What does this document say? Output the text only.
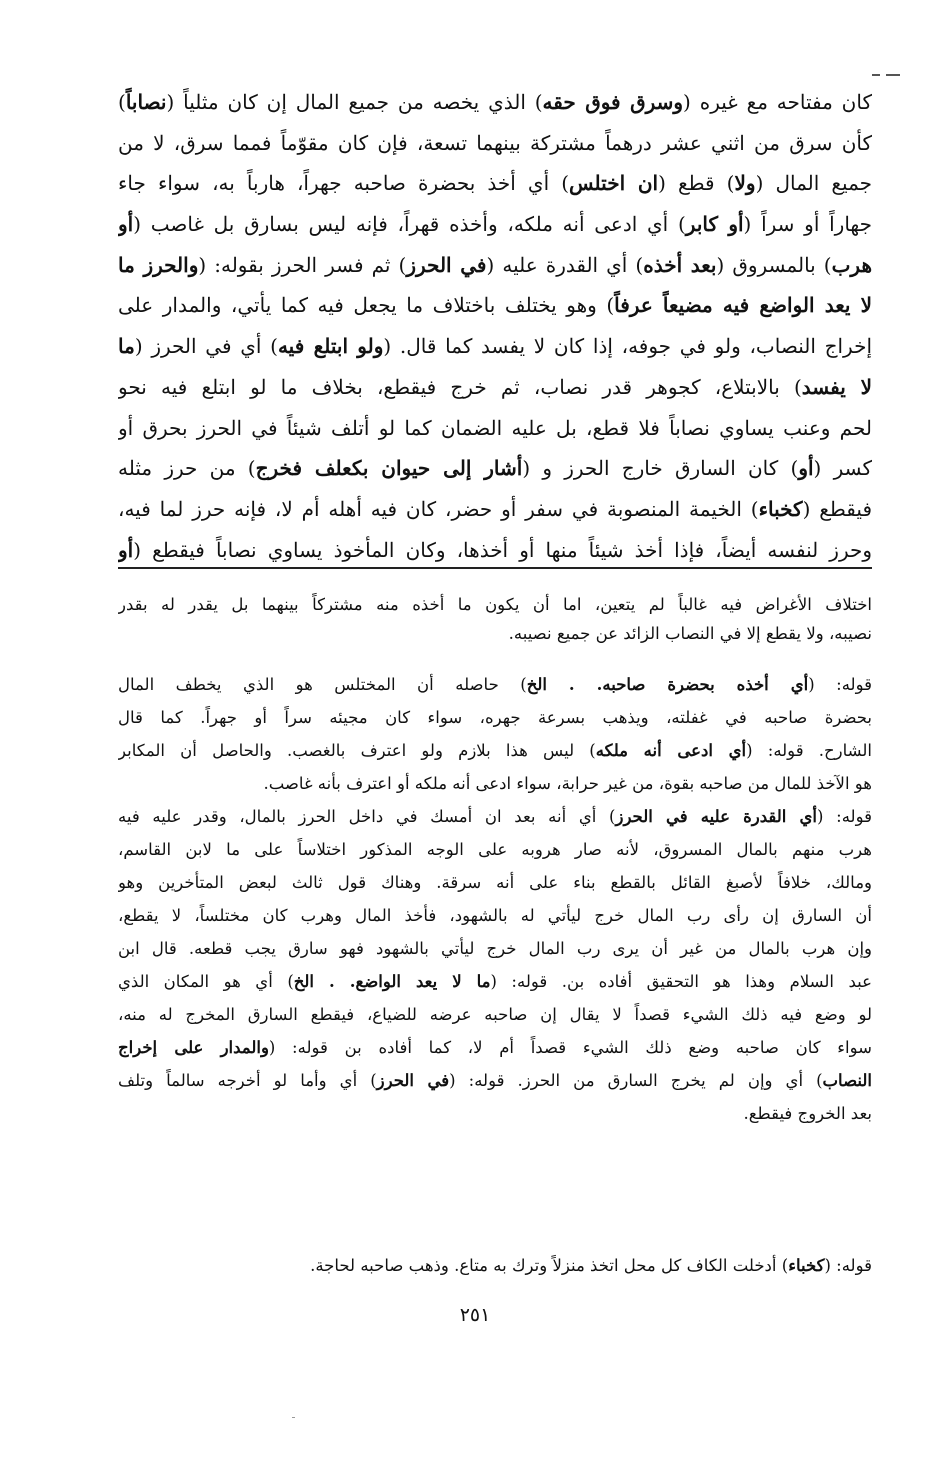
كان مفتاحه مع غيره (وسرق فوق حقه) الذي يخصه من جميع المال إن كان مثلياً (نصاباً)
كأن سرق من اثني عشر درهماً مشتركة بينهما تسعة، فإن كان مقوّماً فمما سرق، لا من
جميع المال (ولا) قطع (ان اختلس) أي أخذ بحضرة صاحبه جهراً، هارباً به، سواء جاء
جهاراً أو سراً (أو كابر) أي ادعى أنه ملكه، وأخذه قهراً، فإنه ليس بسارق بل غاصب (أو
هرب) بالمسروق (بعد أخذه) أي القدرة عليه (في الحرز) ثم فسر الحرز بقوله: (والحرز ما
لا يعد الواضع فيه مضيعاً عرفاً) وهو يختلف باختلاف ما يجعل فيه كما يأتي، والمدار على
إخراج النصاب، ولو في جوفه، إذا كان لا يفسد كما قال. (ولو ابتلع فيه) أي في الحرز (ما
لا يفسد) بالابتلاع، كجوهر قدر نصاب، ثم خرج فيقطع، بخلاف ما لو ابتلع فيه نحو
لحم وعنب يساوي نصاباً فلا قطع، بل عليه الضمان كما لو أتلف شيئاً في الحرز بحرق أو
كسر (أو) كان السارق خارج الحرز و (أشار إلى حيوان بكعلف فخرج) من حرز مثله
فيقطع (كخباء) الخيمة المنصوبة في سفر أو حضر، كان فيه أهله أم لا، فإنه حرز لما فيه،
وحرز لنفسه أيضاً، فإذا أخذ شيئاً منها أو أخذها، وكان المأخوذ يساوي نصاباً فيقطع (أو
اختلاف الأغراض فيه غالباً لم يتعين، اما أن يكون ما أخذه منه مشتركاً بينهما بل يقدر له بقدر
نصيبه، ولا يقطع إلا في النصاب الزائد عن جميع نصيبه.
قوله: (أي أخذه بحضرة صاحبه. . الخ) حاصله أن المختلس هو الذي يخطف المال
بحضرة صاحبه في غفلته، ويذهب بسرعة جهره، سواء كان مجيئه سراً أو جهراً. كما قال
الشارح. قوله: (أي ادعى أنه ملكه) ليس هذا بلازم ولو اعترف بالغصب. والحاصل أن المكابر
هو الآخذ للمال من صاحبه بقوة، من غير حرابة، سواء ادعى أنه ملكه أو اعترف بأنه غاصب.
قوله: (أي القدرة عليه في الحرز) أي أنه بعد ان أمسك في داخل الحرز بالمال، وقدر عليه فيه
هرب منهم بالمال المسروق، لأنه صار هروبه على الوجه المذكور اختلاساً على ما لابن القاسم،
ومالك، خلافاً لأصبغ القائل بالقطع بناء على أنه سرقة. وهناك قول ثالث لبعض المتأخرين وهو
أن السارق إن رأى رب المال خرج ليأتي له بالشهود، فأخذ المال وهرب كان مختلساً، لا يقطع،
وإن هرب بالمال من غير أن يرى رب المال خرج ليأتي بالشهود فهو سارق يجب قطعه. قال ابن
عبد السلام وهذا هو التحقيق أفاده بن. قوله: (ما لا يعد الواضع. . الخ) أي هو المكان الذي
لو وضع فيه ذلك الشيء قصداً لا يقال إن صاحبه عرضه للضياع، فيقطع السارق المخرج له منه،
سواء كان صاحبه وضع ذلك الشيء قصداً أم لا، كما أفاده بن قوله: (والمدار على إخراج
النصاب) أي وإن لم يخرج السارق من الحرز. قوله: (في الحرز) أي وأما لو أخرجه سالماً وتلف
بعد الخروج فيقطع.
قوله: (كخباء) أدخلت الكاف كل محل اتخذ منزلاً وترك به متاع. وذهب صاحبه لحاجة.
٢٥١
